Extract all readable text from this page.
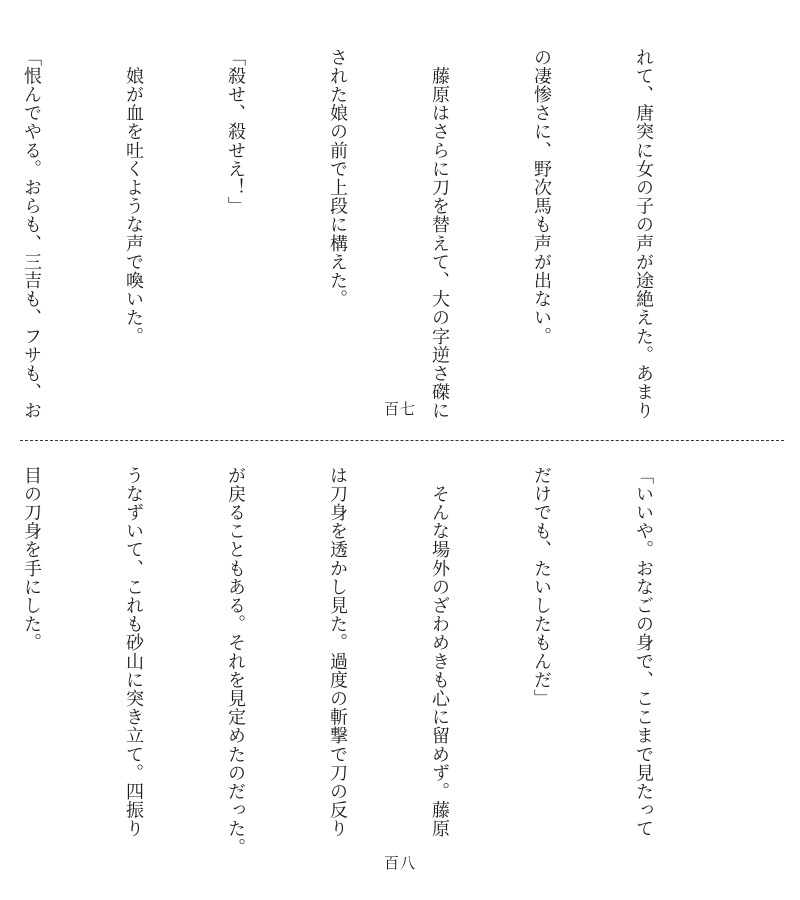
れて、唐突に女の子の声が途絶えた。あまり

の凄惨さに、野次馬も声が出ない。

　藤原はさらに刀を替えて、大の字逆さ磔に

された娘の前で上段に構えた。

「殺せ、殺せえ！」

　娘が血を吐くような声で喚いた。

「恨んでやる。おらも、三吉も、フサも、お

	百七

「いいや。おなごの身で、ここまで見たって

だけでも、たいしたもんだ」

　そんな場外のざわめきも心に留めず。藤原

は刀身を透かし見た。過度の斬撃で刀の反り

が戻ることもある。それを見定めたのだった。

うなずいて、これも砂山に突き立て。四振り

目の刀身を手にした。

百八
